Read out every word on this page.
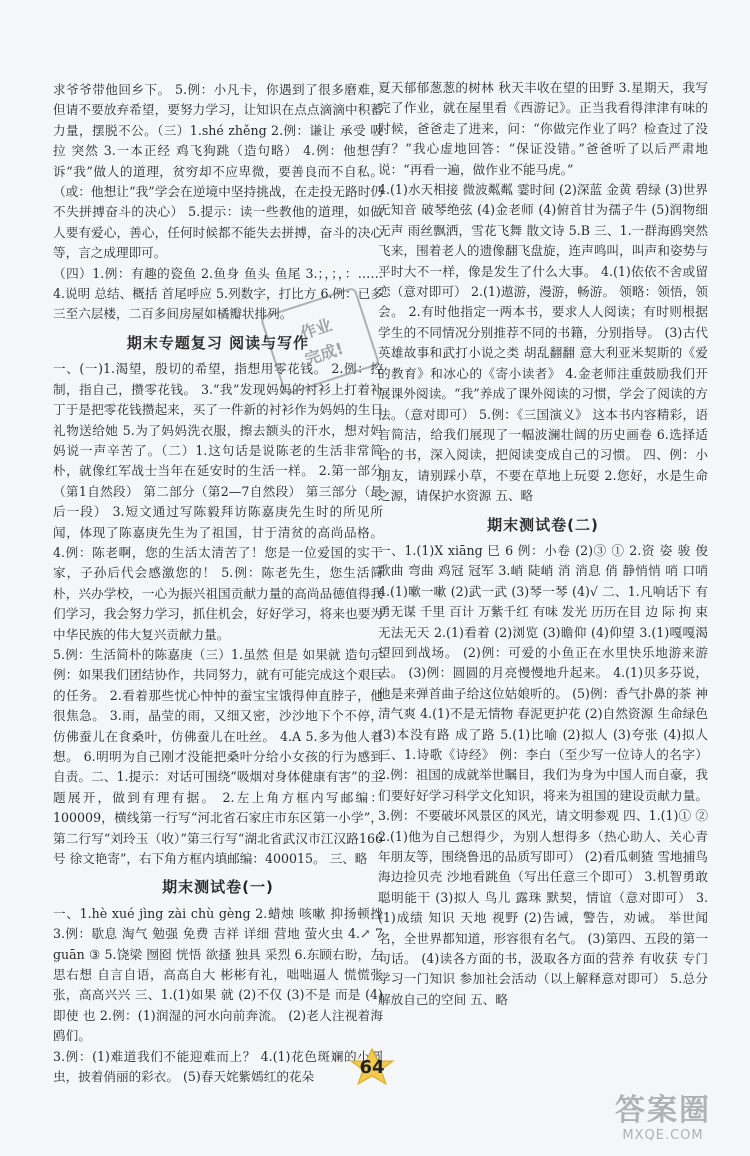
求爷爷带他回乡下。 5.例：小凡卡，你遇到了很多磨难，但请不要放弃希望，要努力学习，让知识在点点滴滴中积蓄力量，摆脱不公。（三）1.shé zhěng 2.例：谦让 承受 吸拉 突然 3.一本正经 鸡飞狗跳（造句略） 4.例：他想告诉“我”做人的道理，贫穷却不应卑微，要善良而不自私。（或：他想让“我”学会在逆境中坚持挑战，在走投无路时仍不失拼搏奋斗的决心） 5.提示：读一些教他的道理，如做人要有爱心，善心，任何时候都不能失去拼搏，奋斗的决心等，言之成理即可。

（四）1.例：有趣的瓷鱼 2.鱼身 鱼头 鱼尾 3.；，；，：…… 4.说明 总结、概括 首尾呼应 5.列数字，打比方 6.例：已多三至六层楼，二百多间房屋如橘瓣状排列。

期末专题复习 阅读与写作

一、(一)1.渴望，殷切的希望，指想用零花钱。 2.例：控制，指自己，攒零花钱。 3.“我”发现妈妈的衬衫上打着补丁于是把零花钱攒起来，买了一件新的衬衫作为妈妈的生日礼物送给她 5.为了妈妈洗衣服，擦去额头的汗水，想对妈妈说一声辛苦了。（二）1.这句话是说陈老的生活非常简朴，就像红军战士当年在延安时的生活一样。 2.第一部分（第1自然段） 第二部分（第2—7自然段） 第三部分（最后一段） 3.短文通过写陈毅拜访陈嘉庚先生时的所见所闻，体现了陈嘉庚先生为了祖国，甘于清贫的高尚品格。 4.例：陈老啊，您的生活太清苦了！您是一位爱国的实干家，子孙后代会感激您的！ 5.例：陈老先生，您生活简朴，兴办学校，一心为振兴祖国贡献力量的高尚品德值得我们学习，我会努力学习，抓住机会，好好学习，将来也要为中华民族的伟大复兴贡献力量。

5.例：生活简朴的陈嘉庚（三）1.虽然 但是 如果就 造句示例：如果我们团结协作，共同努力，就有可能完成这个艰巨的任务。 2.看着那些忧心忡忡的蚕宝宝饿得伸直脖子，他很焦急。 3.雨，晶莹的雨，又细又密，沙沙地下个不停，仿佛蚕儿在食桑叶，仿佛蚕儿在吐丝。 4.A 5.多为他人着想。 6.明明为自己刚才没能把桑叶分给小女孩的行为感到自责。二、1.提示：对话可围绕“吸烟对身体健康有害”的主题展开，做到有理有据。 2.左上角方框内写邮编：100009，横线第一行写“河北省石家庄市东区第一小学”，第二行写“刘玲玉（收）”第三行写“湖北省武汉市江汉路166号 徐文艳寄”，右下角方框内填邮编：400015。 三、略

期末测试卷(一)

一、1.hè xué jìng zài chù gèng 2.蜡烛 咳嗽 抑扬顿挫 3.例：歇息 淘气 勉强 免费 吉祥 详细 营地 萤火虫 4.↗ 7 guān ③ 5.饶梁 囫囵 恍悟 欲搔 独具 采烈 6.东顾右盼，左思右想 自言自语，高高自大 彬彬有礼，咄咄逼人 慌慌张张，高高兴兴 三、1.(1)如果 就 (2)不仅 (3)不是 而是 (4)即使 也 2.例：(1)润湿的河水向前奔流。 (2)老人注视着海鸥们。

3.例：(1)难道我们不能迎难而上？ 4.(1)花色斑斓的小圆虫，披着俏丽的彩衣。 (5)春天姹紫嫣红的花朵

夏天郁郁葱葱的树林 秋天丰收在望的田野 3.星期天，我写完了作业，就在屋里看《西游记》。正当我看得津津有味的时候，爸爸走了进来，问：“你做完作业了吗？检查过了没有？”我心虚地回答：“保证没错。”爸爸听了以后严肃地说：“再看一遍，做作业不能马虎。”

4.(1)水天相接 微波粼粼 霎时间 (2)深蓝 金黄 碧绿 (3)世界无知音 破琴绝弦 (4)金老师 (4)俯首甘为孺子牛 (5)润物细无声 雨丝飘洒，雪花飞舞 散文诗 5.B 三、1.一群海鸥突然飞来，围着老人的遗像翻飞盘旋，连声鸣叫，叫声和姿势与平时大不一样，像是发生了什么大事。 4.(1)依依不舍或留恋（意对即可） 2.(1)遨游，漫游，畅游。 领略：领悟，领会。 2.有时他指定一两本书，要求人人阅读；有时则根据学生的不同情况分别推荐不同的书籍，分别指导。 (3)古代英雄故事和武打小说之类 胡乱翻翻 意大利亚米契斯的《爱的教育》和冰心的《寄小读者》 4.金老师注重鼓励我们开展课外阅读。“我”养成了课外阅读的习惯，学会了阅读的方法。（意对即可） 5.例：《三国演义》 这本书内容精彩，语言简洁，给我们展现了一幅波澜壮阔的历史画卷 6.选择适合的书，深入阅读，把阅读变成自己的习惯。 四、例：小朋友，请别踩小草，不要在草地上玩耍 2.您好，水是生命之源，请保护水资源 五、略

期末测试卷(二)

一、1.(1)X xiāng 巳 6 例：小卷 (2)③ ① 2.资 姿 骏 俊 歌曲 弯曲 鸡冠 冠军 3.峭 陡峭 消 消息 俏 静悄悄 哨 口哨 4.(1)嗽一嗽 (2)武一武 (3)琴一琴 (4)√ 二、1.凡响话下 有勇无谋 千里 百计 万紫千红 有味 发光 历历在目 边 际 拘 束 无法无天 2.(1)看着 (2)浏览 (3)瞻仰 (4)仰望 3.(1)嘎嘎渴望回到战场。 (2)例：可爱的小鱼正在水里快乐地游来游去。 (3)例：圆圆的月亮慢慢地升起来。 4.(1)贝多芬说，他是来弹首曲子给这位姑娘听的。 (5)例：香气扑鼻的茶 神清气爽 4.(1)不是无情物 春泥更护花 (2)自然资源 生命绿色 (3)本没有路 成了路 5.(1)比喻 (2)拟人 (3)夸张 (4)拟人 三、1.诗歌《诗经》 例：李白（至少写一位诗人的名字） 2.例：祖国的成就举世瞩目，我们为身为中国人而自豪，我们要好好学习科学文化知识，将来为祖国的建设贡献力量。 3.例：不要破坏风景区的风光，请文明参观 四、1.(1)① ② 2.(1)他为自己想得少，为别人想得多（热心助人、关心青年朋友等，围绕鲁迅的品质写即可） (2)看瓜刺猹 雪地捕鸟 海边捡贝壳 沙地看跳鱼（写出任意三个即可） 3.机智勇敢聪明能干 (3)拟人 鸟儿 露珠 默契，情谊（意对即可） 3.(1)成绩 知识 天地 视野 (2)告诫，警告，劝诫。 举世闻名，全世界都知道，形容很有名气。 (3)第四、五段的第一句话。 (4)读各方面的书，汲取各方面的营养 有收获 专门学习一门知识 参加社会活动（以上解释意对即可） 5.总分 解放自己的空间 五、略

作业
完成!
64
答案圈
MXQE.COM
